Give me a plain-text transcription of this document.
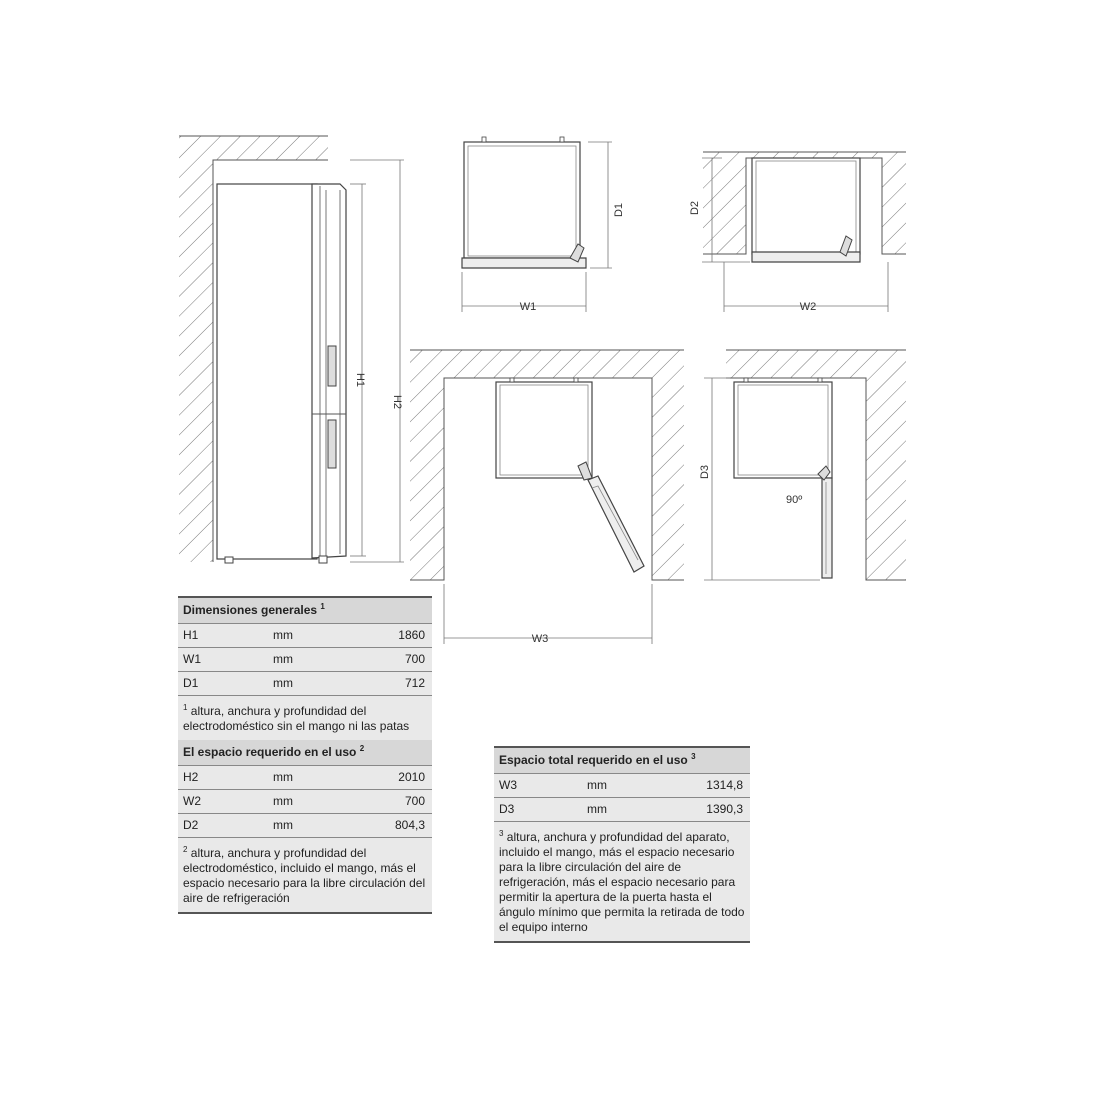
H1
H2
D1
W1
D2
W2
W3
90º
D3
Dimensiones generales $^1$
H1	mm	1860
W1	mm	700
D1	mm	712
$^1$ altura, anchura y profundidad del electrodoméstico sin el mango ni las patas
El espacio requerido en el uso $^2$
H2	mm	2010
W2	mm	700
D2	mm	804,3
$^2$ altura, anchura y profundidad del electrodoméstico, incluido el mango, más el espacio necesario para la libre circulación del aire de refrigeración
Espacio total requerido en el uso $^3$
W3	mm	1314,8
D3	mm	1390,3
$^3$ altura, anchura y profundidad del aparato, incluido el mango, más el espacio necesario para la libre circulación del aire de refrigeración, más el espacio necesario para permitir la apertura de la puerta hasta el ángulo mínimo que permita la retirada de todo el equipo interno
